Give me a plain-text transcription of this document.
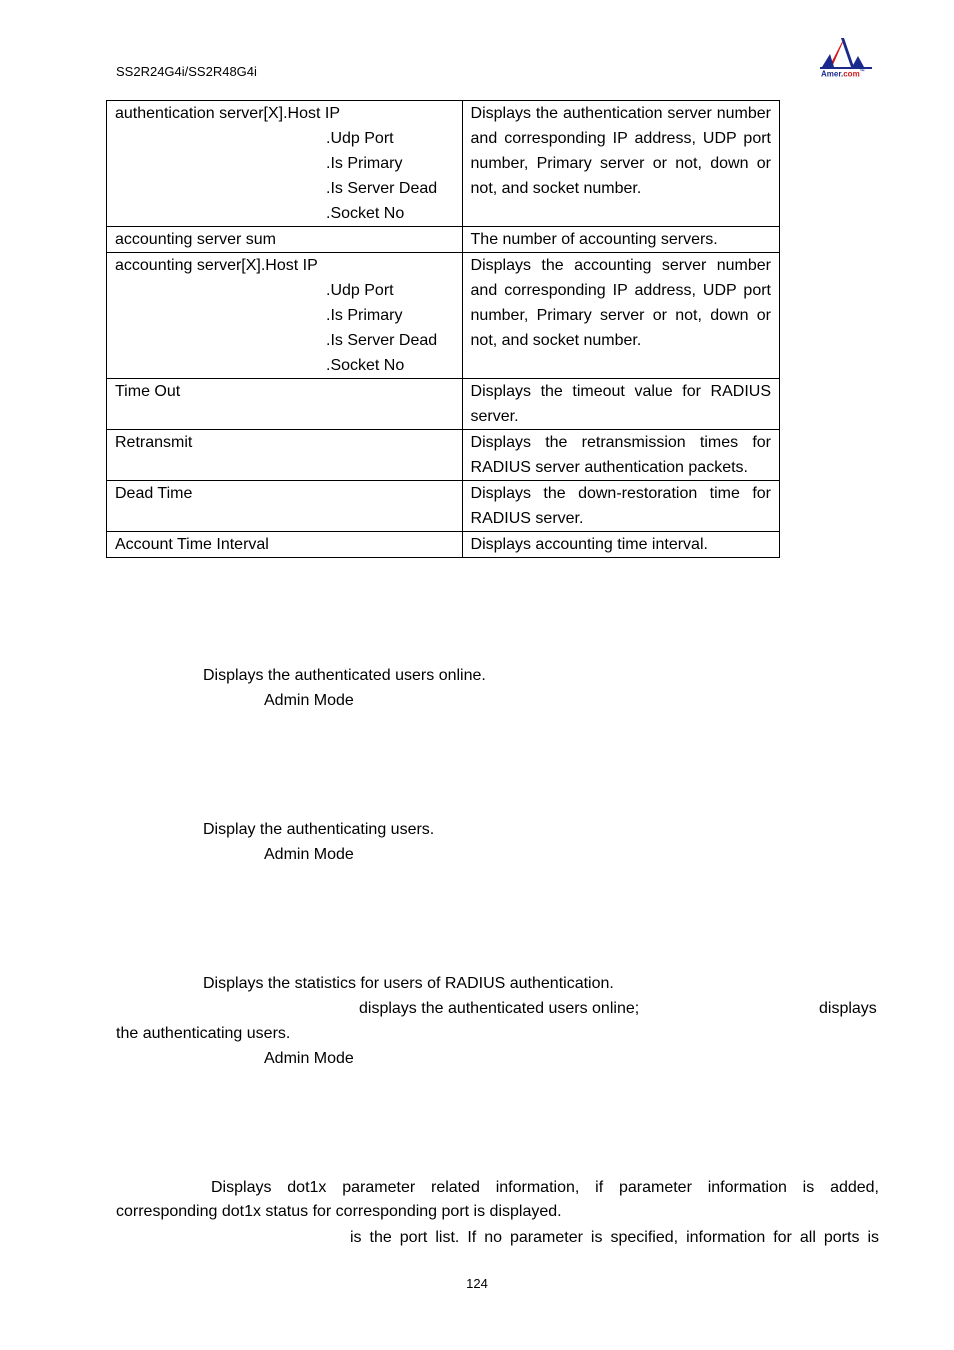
SS2R24G4i/SS2R48G4i	Amer.com™
authentication server[X].Host IP
.Udp Port
.Is Primary
.Is Server Dead
.Socket No	Displays the authentication server number and corresponding IP address, UDP port number, Primary server or not, down or not, and socket number.

accounting server sum	The number of accounting servers.

accounting server[X].Host IP
.Udp Port
.Is Primary
.Is Server Dead
.Socket No	Displays the accounting server number and corresponding IP address, UDP port number, Primary server or not, down or not, and socket number.

Time Out	Displays the timeout value for RADIUS server.

Retransmit	Displays the retransmission times for RADIUS server authentication packets.

Dead Time	Displays the down-restoration time for RADIUS server.

Account Time Interval	Displays accounting time interval.
Displays the authenticated users online.
Admin Mode
Display the authenticating users.
Admin Mode
Displays the statistics for users of RADIUS authentication.
displays the authenticated users online;	displays
the authenticating users.
Admin Mode
Displays dot1x parameter related information, if parameter information is added,
corresponding dot1x status for corresponding port is displayed.
is the port list. If no parameter is specified, information for all ports is
124
